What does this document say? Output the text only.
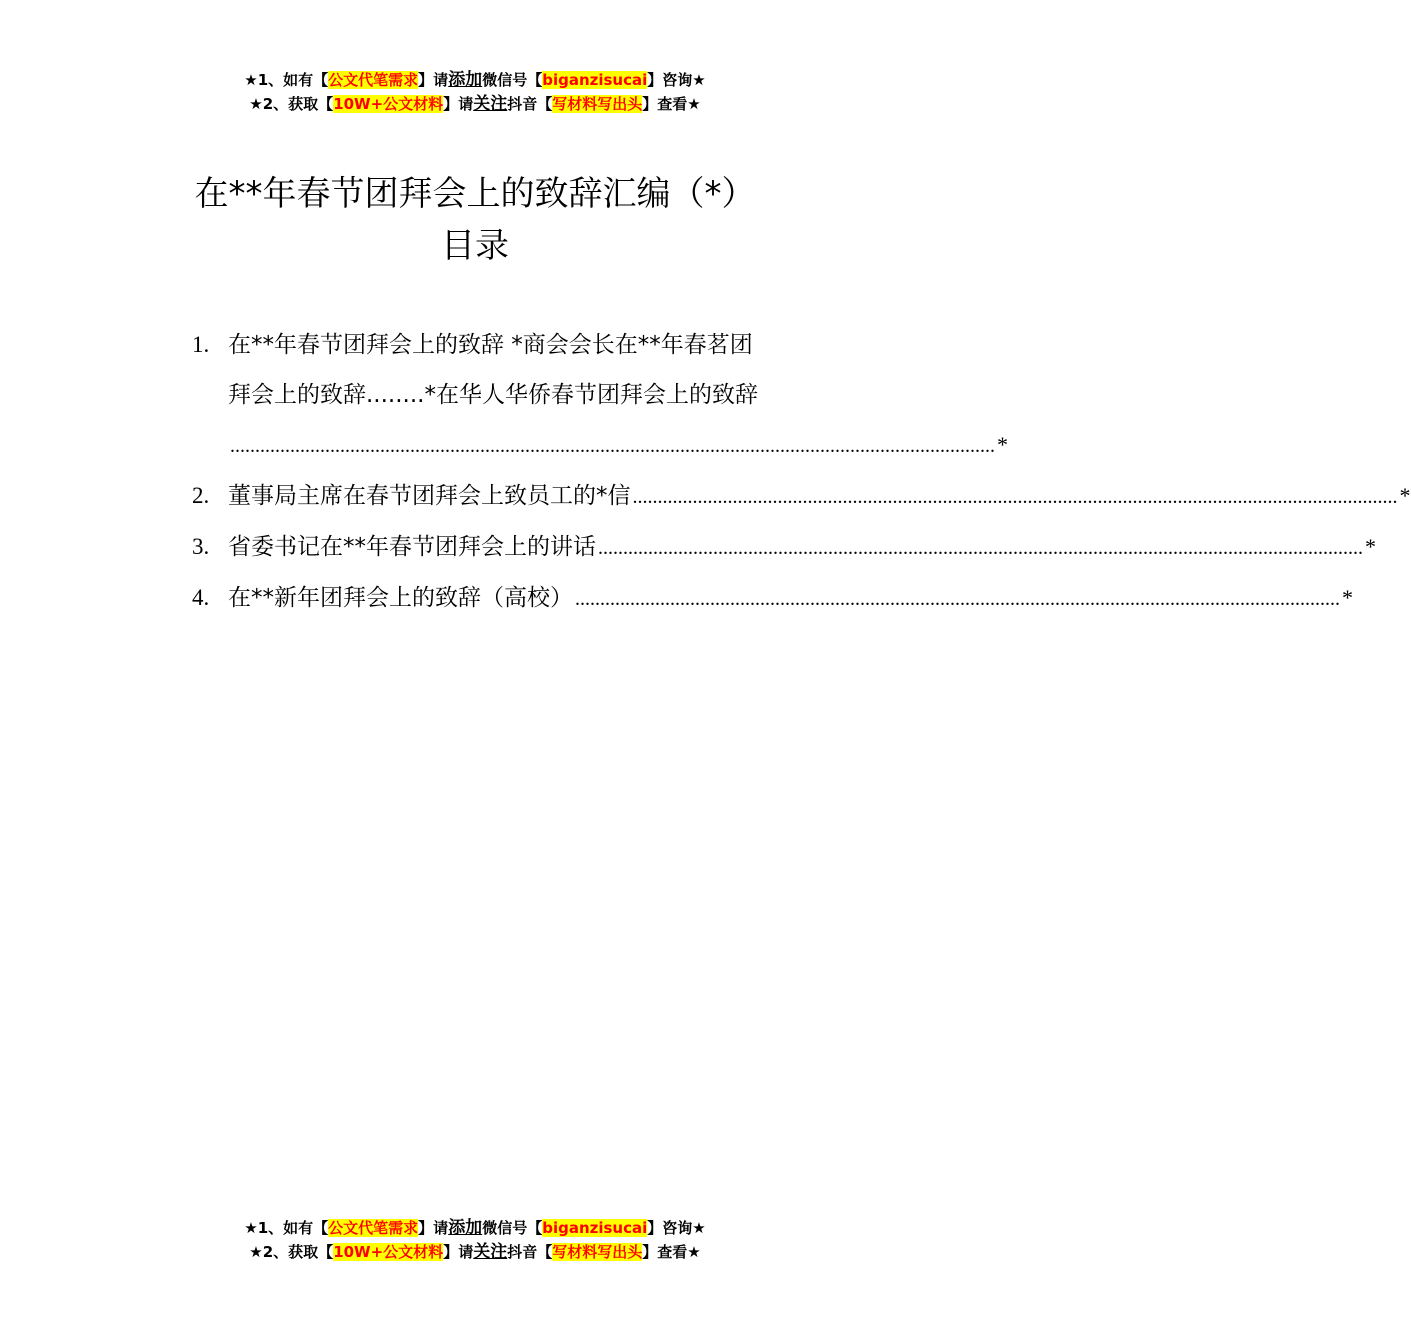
★1、如有【公文代笔需求】请添加微信号【biganzisucai】咨询★
★2、获取【10W+公文材料】请关注抖音【写材料写出头】查看★
在**年春节团拜会上的致辞汇编（*）
目录
1. 在**年春节团拜会上的致辞 *商会会长在**年春茗团
拜会上的致辞........*在华人华侨春节团拜会上的致辞
......................................................................................................................................................... *
2. 董事局主席在春节团拜会上致员工的*信 ......................................................................................................................................................... *
3. 省委书记在**年春节团拜会上的讲话 ......................................................................................................................................................... *
4. 在**新年团拜会上的致辞（高校） ......................................................................................................................................................... *
★1、如有【公文代笔需求】请添加微信号【biganzisucai】咨询★
★2、获取【10W+公文材料】请关注抖音【写材料写出头】查看★
